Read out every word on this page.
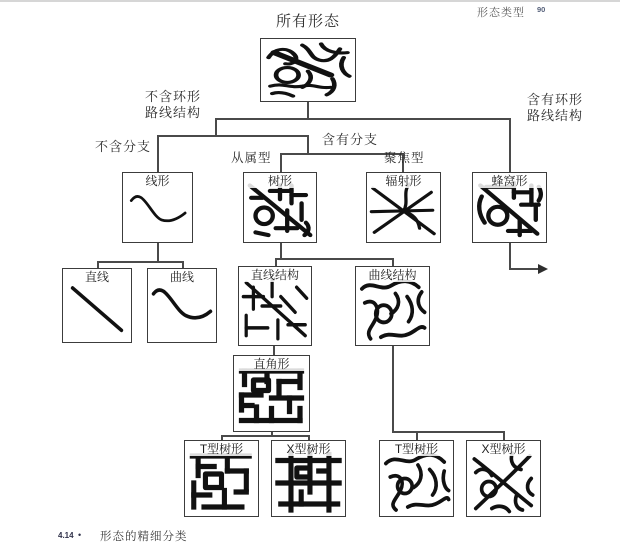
形态类型 90
所有形态
不含环形
路线结构
含有环形
路线结构
不含分支	含有分支
从属型	聚焦型
线形	树形	辐射形	蜂窝形
直线	曲线	直线结构	曲线结构
直角形
T型树形	X型树形	T型树形	X型树形
4.14 • 形态的精细分类
